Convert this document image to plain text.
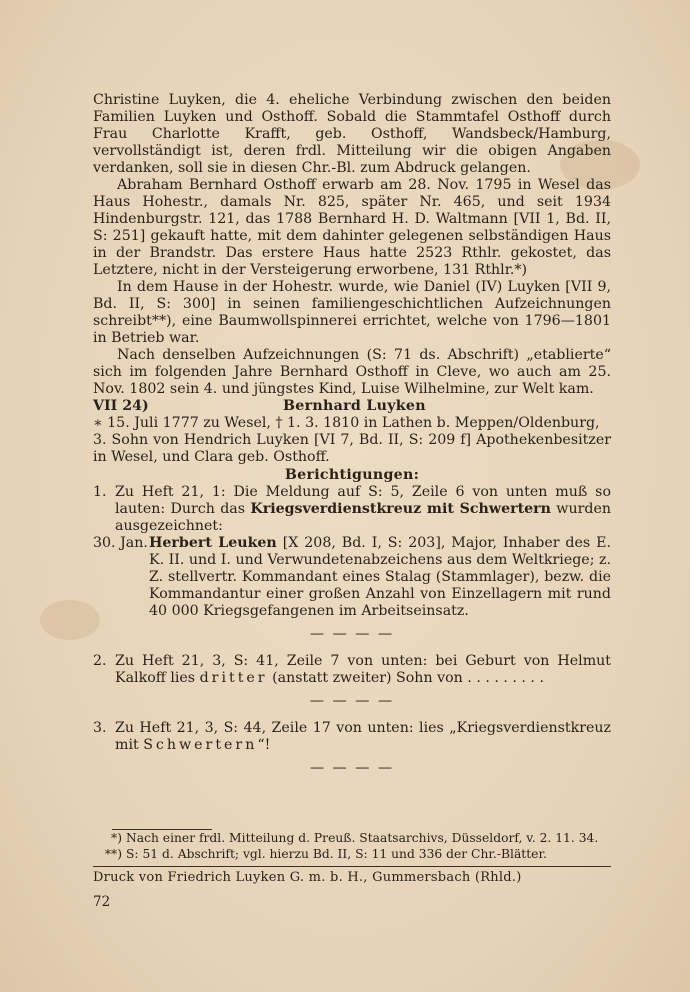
Christine Luyken, die 4. eheliche Verbindung zwischen den beiden Familien Luyken und Osthoff. Sobald die Stammtafel Osthoff durch Frau Charlotte Krafft, geb. Osthoff, Wandsbeck/Hamburg, vervollständigt ist, deren frdl. Mitteilung wir die obigen Angaben verdanken, soll sie in diesen Chr.-Bl. zum Abdruck gelangen.

Abraham Bernhard Osthoff erwarb am 28. Nov. 1795 in Wesel das Haus Hohestr., damals Nr. 825, später Nr. 465, und seit 1934 Hindenburgstr. 121, das 1788 Bernhard H. D. Waltmann [VII 1, Bd. II, S: 251] gekauft hatte, mit dem dahinter gelegenen selbständigen Haus in der Brandstr. Das erstere Haus hatte 2523 Rthlr. gekostet, das Letztere, nicht in der Versteigerung erworbene, 131 Rthlr.*)

In dem Hause in der Hohestr. wurde, wie Daniel (IV) Luyken [VII 9, Bd. II, S: 300] in seinen familiengeschichtlichen Aufzeichnungen schreibt**), eine Baumwollspinnerei errichtet, welche von 1796—1801 in Betrieb war.

Nach denselben Aufzeichnungen (S: 71 ds. Abschrift) „etablierte“ sich im folgenden Jahre Bernhard Osthoff in Cleve, wo auch am 25. Nov. 1802 sein 4. und jüngstes Kind, Luise Wilhelmine, zur Welt kam.

VII 24)	Bernhard Luyken

∗ 15. Juli 1777 zu Wesel, † 1. 3. 1810 in Lathen b. Meppen/Oldenburg,

3. Sohn von Hendrich Luyken [VI 7, Bd. II, S: 209 f] Apothekenbesitzer in Wesel, und Clara geb. Osthoff.

Berichtigungen:
1. Zu Heft 21, 1: Die Meldung auf S: 5, Zeile 6 von unten muß so lauten: Durch das Kriegsverdienstkreuz mit Schwertern wurden ausgezeichnet:
30. Jan. Herbert Leuken [X 208, Bd. I, S: 203], Major, Inhaber des E. K. II. und I. und Verwundetenabzeichens aus dem Weltkriege; z. Z. stellvertr. Kommandant eines Stalag (Stammlager), bezw. die Kommandantur einer großen Anzahl von Einzellagern mit rund 40 000 Kriegsgefangenen im Arbeitseinsatz.
— — — —
2. Zu Heft 21, 3, S: 41, Zeile 7 von unten: bei Geburt von Helmut Kalkoff lies dritter (anstatt zweiter) Sohn von . . . . . . . . .
— — — —
3. Zu Heft 21, 3, S: 44, Zeile 17 von unten: lies „Kriegsverdienstkreuz mit Schwertern“!
— — — —
*) Nach einer frdl. Mitteilung d. Preuß. Staatsarchivs, Düsseldorf, v. 2. 11. 34.
**) S: 51 d. Abschrift; vgl. hierzu Bd. II, S: 11 und 336 der Chr.-Blätter.
Druck von Friedrich Luyken G. m. b. H., Gummersbach (Rhld.)
72
